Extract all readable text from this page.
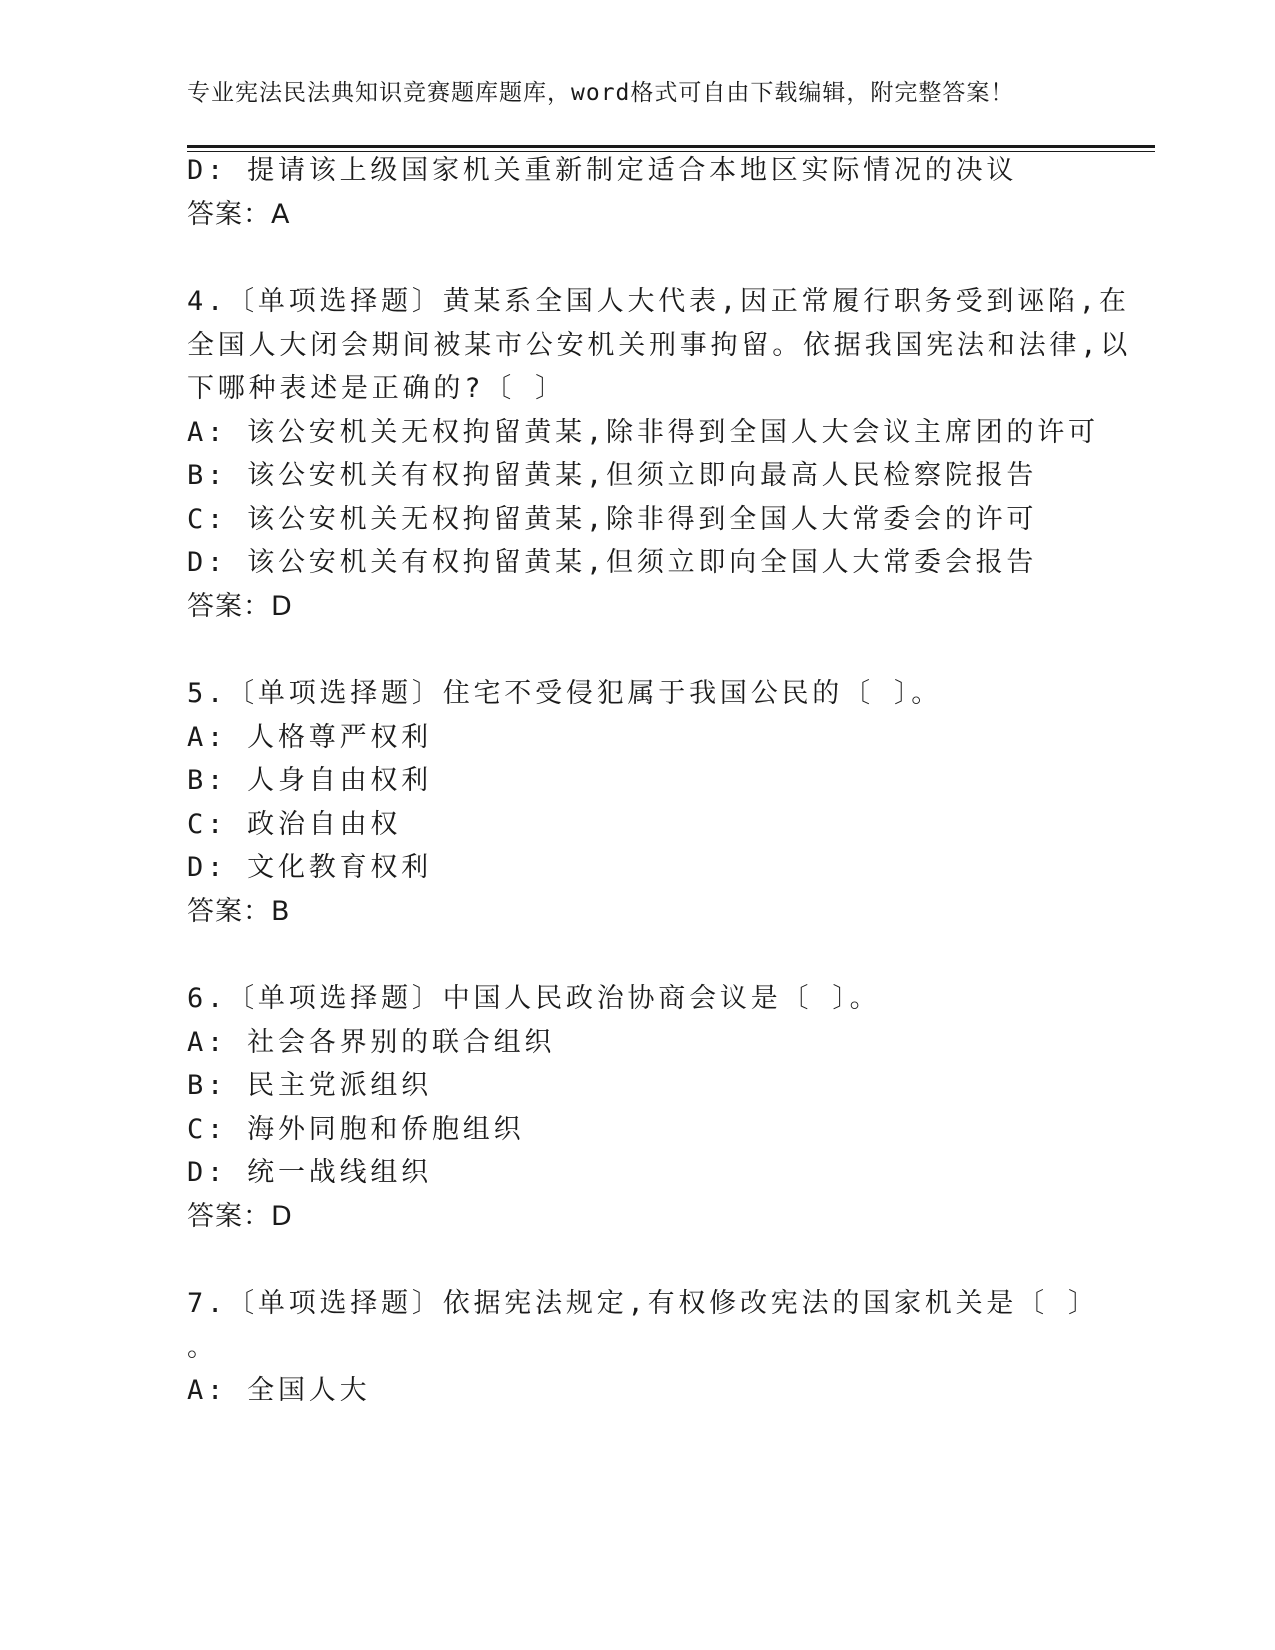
专业宪法民法典知识竞赛题库题库，word格式可自由下载编辑，附完整答案！
D: 提请该上级国家机关重新制定适合本地区实际情况的决议
答案：A
4.〔单项选择题〕黄某系全国人大代表,因正常履行职务受到诬陷,在
全国人大闭会期间被某市公安机关刑事拘留。依据我国宪法和法律,以
下哪种表述是正确的?〔 〕
A: 该公安机关无权拘留黄某,除非得到全国人大会议主席团的许可
B: 该公安机关有权拘留黄某,但须立即向最高人民检察院报告
C: 该公安机关无权拘留黄某,除非得到全国人大常委会的许可
D: 该公安机关有权拘留黄某,但须立即向全国人大常委会报告
答案：D
5.〔单项选择题〕住宅不受侵犯属于我国公民的〔 〕。
A: 人格尊严权利
B: 人身自由权利
C: 政治自由权
D: 文化教育权利
答案：B
6.〔单项选择题〕中国人民政治协商会议是〔 〕。
A: 社会各界别的联合组织
B: 民主党派组织
C: 海外同胞和侨胞组织
D: 统一战线组织
答案：D
7.〔单项选择题〕依据宪法规定,有权修改宪法的国家机关是〔 〕
。
A: 全国人大
